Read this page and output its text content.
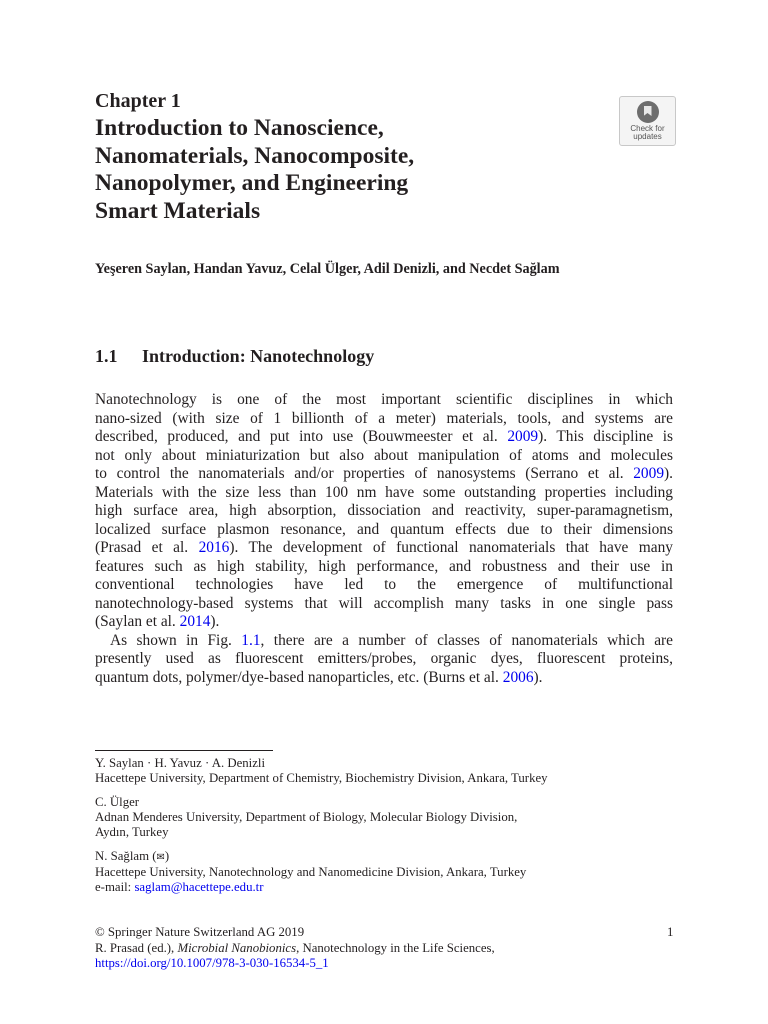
Chapter 1
Introduction to Nanoscience,
Nanomaterials, Nanocomposite,
Nanopolymer, and Engineering
Smart Materials
Check for
updates
Yeşeren Saylan, Handan Yavuz, Celal Ülger, Adil Denizli, and Necdet Sağlam
1.1 Introduction: Nanotechnology
Nanotechnology is one of the most important scientific disciplines in which
nano-sized (with size of 1 billionth of a meter) materials, tools, and systems are
described, produced, and put into use (Bouwmeester et al. 2009). This discipline is
not only about miniaturization but also about manipulation of atoms and molecules
to control the nanomaterials and/or properties of nanosystems (Serrano et al. 2009).
Materials with the size less than 100 nm have some outstanding properties including
high surface area, high absorption, dissociation and reactivity, super-paramagnetism,
localized surface plasmon resonance, and quantum effects due to their dimensions
(Prasad et al. 2016). The development of functional nanomaterials that have many
features such as high stability, high performance, and robustness and their use in
conventional technologies have led to the emergence of multifunctional
nanotechnology-based systems that will accomplish many tasks in one single pass
(Saylan et al. 2014).
As shown in Fig. 1.1, there are a number of classes of nanomaterials which are
presently used as fluorescent emitters/probes, organic dyes, fluorescent proteins,
quantum dots, polymer/dye-based nanoparticles, etc. (Burns et al. 2006).
Y. Saylan · H. Yavuz · A. Denizli
Hacettepe University, Department of Chemistry, Biochemistry Division, Ankara, Turkey
C. Ülger
Adnan Menderes University, Department of Biology, Molecular Biology Division,
Aydın, Turkey
N. Sağlam (✉)
Hacettepe University, Nanotechnology and Nanomedicine Division, Ankara, Turkey
e-mail: saglam@hacettepe.edu.tr
© Springer Nature Switzerland AG 2019
R. Prasad (ed.), Microbial Nanobionics, Nanotechnology in the Life Sciences,
https://doi.org/10.1007/978-3-030-16534-5_1
1
